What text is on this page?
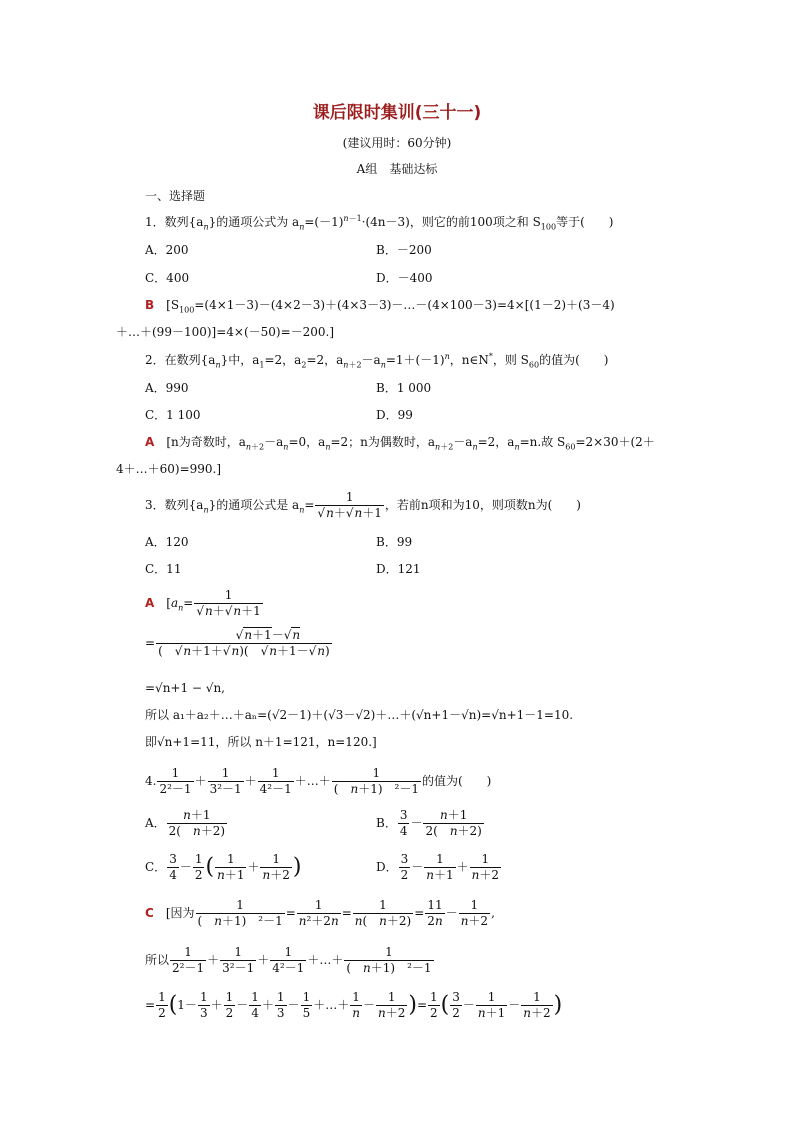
课后限时集训(三十一)
(建议用时：60分钟)
A组　基础达标
一、选择题
1．数列$\{a_n\}$的通项公式为 $a_n=(-1)^{n-1}\cdot(4n-3)$，则它的前100项之和 $S_{100}$等于(　　)
A．200	B．－200
C．400	D．－400
B　 [$S_{100}=(4\times 1-3)-(4\times 2-3)+(4\times 3-3)-\dots-(4\times 100-3)=4\times[(1-2)+(3-4)$
＋…＋(99－100)]=4×(－50)=－200.]
2．在数列$\{a_n\}$中，$a_1=2$，$a_2=2$，$a_{n+2}-a_n=1+(-1)^n$，n∈N*，则 $S_{60}$的值为(　　)
A．990	B．1 000
C．1 100	D．99
A　 [n为奇数时，$a_{n+2}-a_n=0$，$a_n=2$；n为偶数时，$a_{n+2}-a_n=2$，$a_n=n$.故 $S_{60}=2\times 30+(2+$
4＋…＋60)=990.]
3．数列$\{a_n\}$的通项公式是 $a_n= \frac{1}{√n+√n+1}$ ，若前n项和为10，则项数n为(　　)
A．120	B．99
C．11	D．121
A　[$a_n= \frac{1}{√n+√n+1}$
=
　　　　 $\frac{√n+1-√n}{( √n+1+√n)( √n+1-√n)}$
=√n+1 − √n,
所以 a₁＋a₂＋…＋aₙ=(√2－1)＋(√3－√2)＋…＋(√n+1－√n)=√n+1－1=10.
即√n+1=11，所以 n＋1=121，n=120.]
4. $\frac{1}{\text{2²－1}} + \frac{1}{\text{3²－1}} + \frac{1}{\text{4²－1}}$ ＋…＋ $\frac{1}{\text{(　n＋1)　²－1}}$ 的值为(　　)
A． $\frac{n+1}{2( n+2)}$	B． $\frac{3}{4} - \frac{n+1}{2( n+2)}$
C． $\frac{3}{4} - \frac{1}{2}$ ( $\frac{1}{n+1} + \frac{1}{n+2}$ )	D． $\frac{3}{2} - \frac{1}{n+1} + \frac{1}{n+2}$
C　 [因为 $\frac{1}{\text{(　n＋1)　²－1}} = \frac{1}{\text{n²＋2n}} = \frac{1}{n( n+2)} = \frac{11}{2n} - \frac{1}{n+2}$ ,
所以 $\frac{1}{\text{2²－1}} + \frac{1}{\text{3²－1}} + \frac{1}{\text{4²－1}}$ ＋…＋ $\frac{1}{\text{(　n＋1)　²－1}}$
= $\frac{1}{2} (1- \frac{1}{3} + \frac{1}{2} - \frac{1}{4} + \frac{1}{3} - \frac{1}{5}$ ＋…＋ $\frac{1}{n} - \frac{1}{n+2}$ )= $\frac{1}{2}$ ( $\frac{3}{2} - \frac{1}{n+1} - \frac{1}{n+2}$ )
